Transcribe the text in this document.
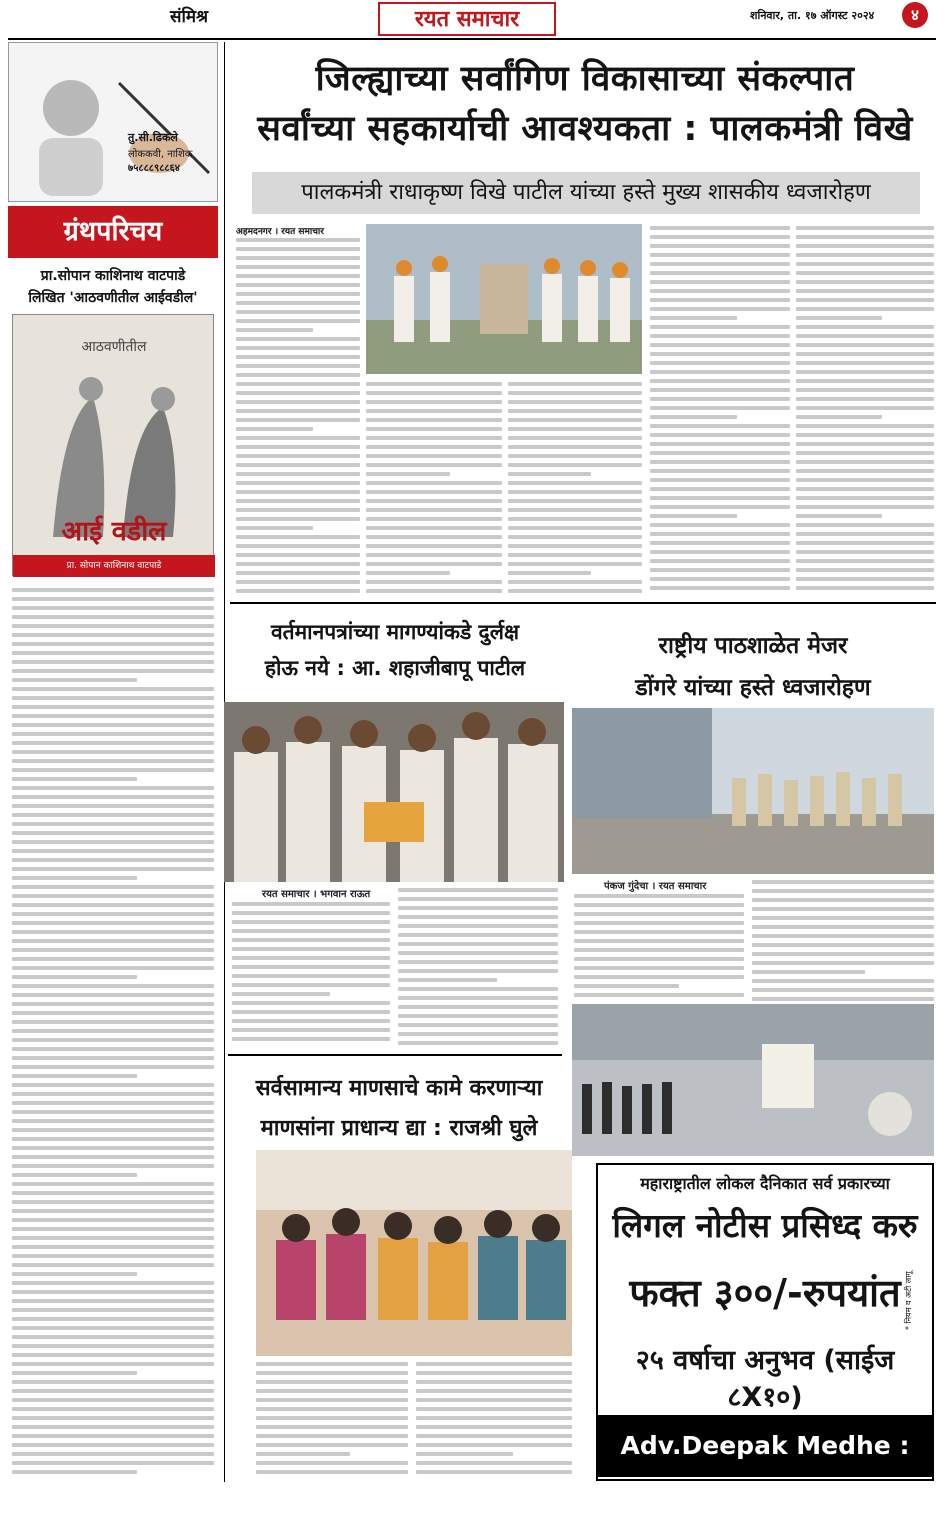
संमिश्र	रयत समाचार	शनिवार, ता. १७ ऑगस्ट २०२४	४
तु.सी.ढिकले
लोककवी, नाशिक
७५८८८९८८६४
ग्रंथपरिचय
प्रा.सोपान काशिनाथ वाटपाडे
लिखित 'आठवणीतील आईवडील'
आठवणीतील
आई वडील
प्रा. सोपान काशिनाथ वाटपाडे
जिल्ह्याच्या सर्वांगिण विकासाच्या संकल्पात
सर्वांच्या सहकार्याची आवश्यकता : पालकमंत्री विखे
पालकमंत्री राधाकृष्ण विखे पाटील यांच्या हस्ते मुख्य शासकीय ध्वजारोहण
अहमदनगर । रयत समाचार
वर्तमानपत्रांच्या मागण्यांकडे दुर्लक्ष
होऊ नये : आ. शहाजीबापू पाटील
रयत समाचार । भगवान राऊत
राष्ट्रीय पाठशाळेत मेजर
डोंगरे यांच्या हस्ते ध्वजारोहण
पंकज गुंदेचा । रयत समाचार
सर्वसामान्य माणसाचे कामे करणाऱ्या
माणसांना प्राधान्य द्या : राजश्री घुले
महाराष्ट्रातील लोकल दैनिकात सर्व प्रकारच्या
लिगल नोटीस प्रसिध्द करु
फक्त ३००/-रुपयांत
२५ वर्षाचा अनुभव (साईज ८X१०)
Adv.Deepak Medhe : 9422080597
* नियम व अटी लागू
